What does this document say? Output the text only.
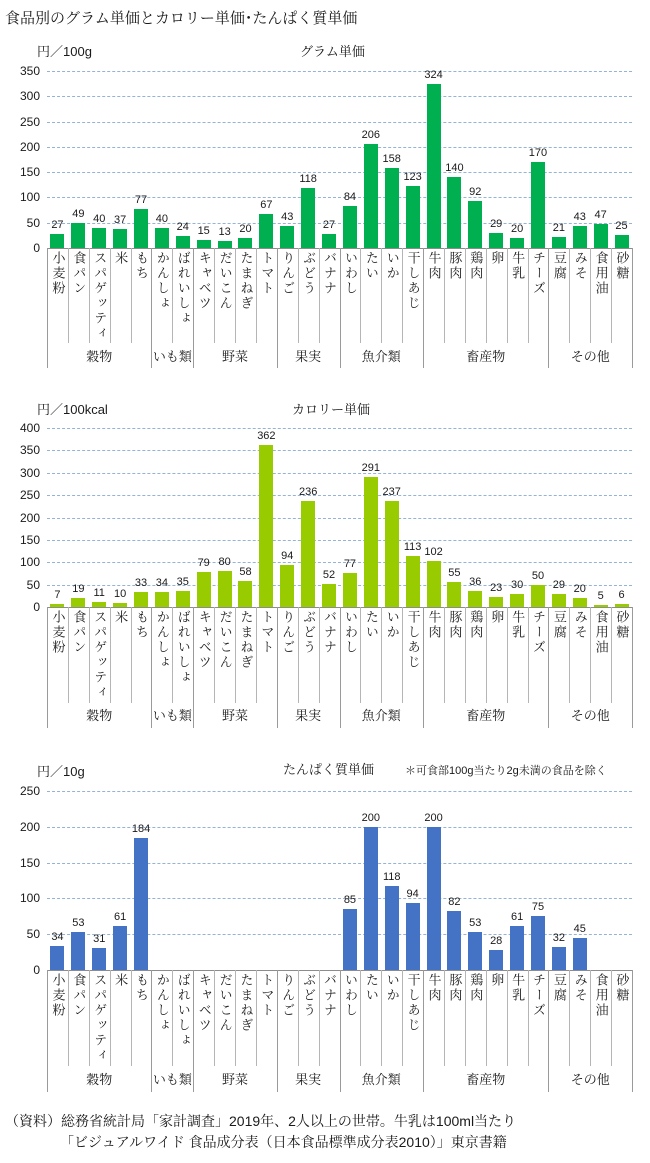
食品別のグラム単価とカロリー単価･たんぱく質単価
円／100g	グラム単価
0
50
100
150
200
250
300
350
27
49 40 37
77
40
24 15 13 20
67
43
118
27
84
206
158
123
324
140
92
29 20
170
21
43 47
25
小麦粉 食パン スパゲッティ 米 もち かんしょ ばれいしょ キャベツ だいこん たまねぎ トマト りんご ぶどう バナナ いわし たい いか 干しあじ 牛肉 豚肉 鶏肉 卵 牛乳 チーズ 豆腐 みそ 食用油 砂糖
穀物	いも類	野菜	果実	魚介類	畜産物	その他
円／100kcal	カロリー単価
0
50
100
150
200
250
300
350
400
7	19 11 10
33 34 35
79 80
58
362
94
236
52
77
291
237
113 102
55
36 23 30
50
29 20
5	6
小麦粉 食パン スパゲッティ 米 もち かんしょ ばれいしょ キャベツ だいこん たまねぎ トマト りんご ぶどう バナナ いわし たい いか 干しあじ 牛肉 豚肉 鶏肉 卵 牛乳 チーズ 豆腐 みそ 食用油 砂糖
穀物	いも類	野菜	果実	魚介類	畜産物	その他
円／10g	たんぱく質単価	＊可食部100g当たり2g未満の食品を除く
0
50
100
150
200
250
34
53
31
61
184
85
200
118
94
200
82
53
28
61
75
32
45
小麦粉 食パン スパゲッティ 米 もち かんしょ ばれいしょ キャベツ だいこん たまねぎ トマト りんご ぶどう バナナ いわし たい いか 干しあじ 牛肉 豚肉 鶏肉 卵 牛乳 チーズ 豆腐 みそ 食用油 砂糖
穀物	いも類	野菜	果実	魚介類	畜産物	その他
（資料）総務省統計局「家計調査」2019年、2人以上の世帯。牛乳は100ml当たり
「ビジュアルワイド 食品成分表（日本食品標準成分表2010）」東京書籍
